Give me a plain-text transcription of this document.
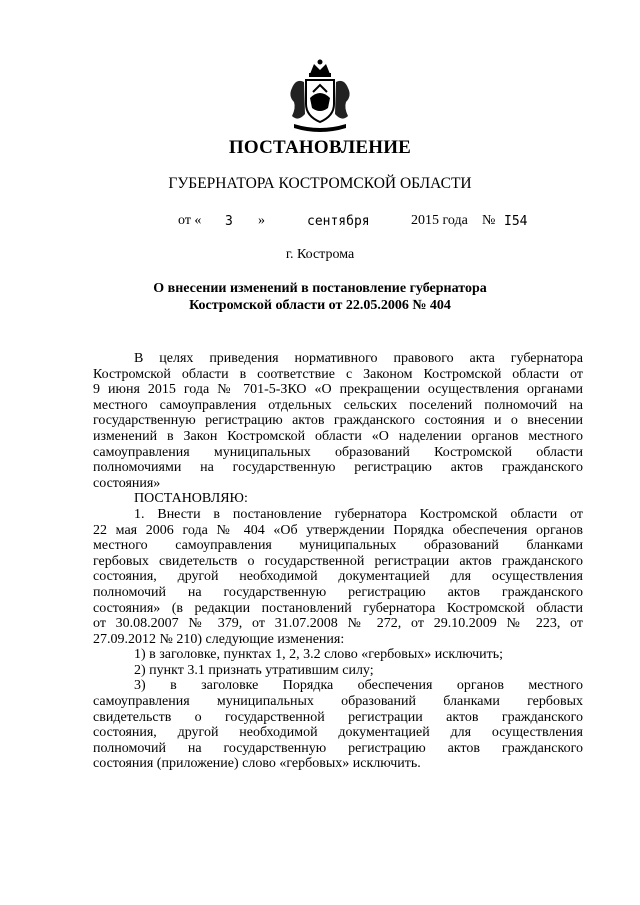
ПОСТАНОВЛЕНИЕ
ГУБЕРНАТОРА КОСТРОМСКОЙ ОБЛАСТИ
от « 3 »	сентября	2015 года № I54
г. Кострома
О внесении изменений в постановление губернатора
Костромской области от 22.05.2006 № 404
В целях приведения нормативного правового акта губернатора
Костромской области в соответствие с Законом Костромской области от
9 июня 2015 года № 701-5-ЗКО «О прекращении осуществления органами
местного самоуправления отдельных сельских поселений полномочий на
государственную регистрацию актов гражданского состояния и о внесении
изменений в Закон Костромской области «О наделении органов местного
самоуправления муниципальных образований Костромской области
полномочиями на государственную регистрацию актов гражданского
состояния»
ПОСТАНОВЛЯЮ:
1. Внести в постановление губернатора Костромской области от
22 мая 2006 года № 404 «Об утверждении Порядка обеспечения органов
местного самоуправления муниципальных образований бланками
гербовых свидетельств о государственной регистрации актов гражданского
состояния, другой необходимой документацией для осуществления
полномочий на государственную регистрацию актов гражданского
состояния» (в редакции постановлений губернатора Костромской области
от 30.08.2007 № 379, от 31.07.2008 № 272, от 29.10.2009 № 223, от
27.09.2012 № 210) следующие изменения:
1) в заголовке, пунктах 1, 2, 3.2 слово «гербовых» исключить;
2) пункт 3.1 признать утратившим силу;
3) в заголовке Порядка обеспечения органов местного
самоуправления муниципальных образований бланками гербовых
свидетельств о государственной регистрации актов гражданского
состояния, другой необходимой документацией для осуществления
полномочий на государственную регистрацию актов гражданского
состояния (приложение) слово «гербовых» исключить.
